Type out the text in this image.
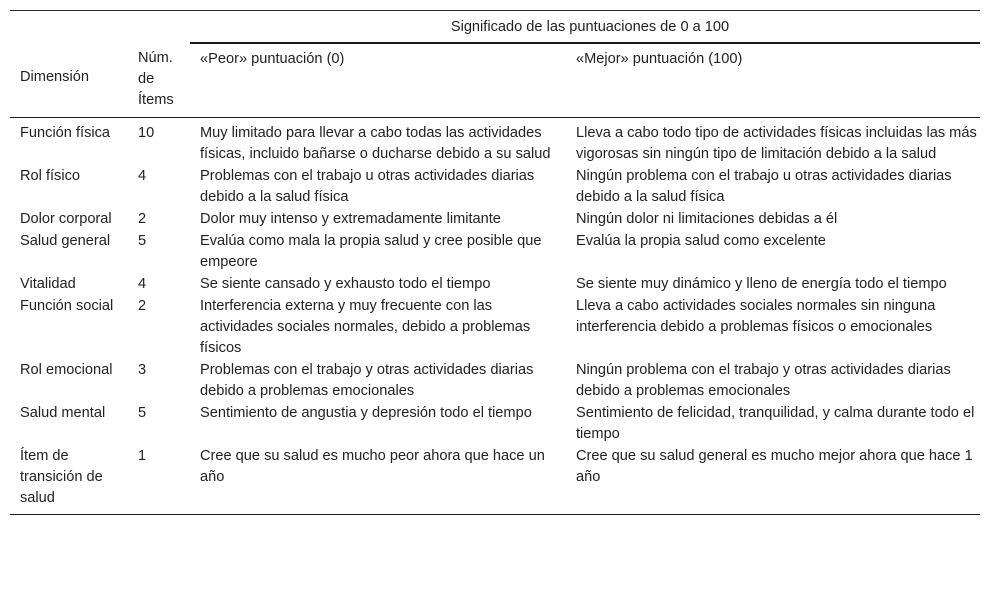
		Significado de las puntuaciones de 0 a 100	
Dimensión	Núm. de Ítems	«Peor» puntuación (0)	«Mejor» puntuación (100)
Función física	10	Muy limitado para llevar a cabo todas las actividades físicas, incluido bañarse o ducharse debido a su salud	Lleva a cabo todo tipo de actividades físicas incluidas las más vigorosas sin ningún tipo de limitación debido a la salud
Rol físico	4	Problemas con el trabajo u otras actividades diarias debido a la salud física	Ningún problema con el trabajo u otras actividades diarias debido a la salud física
Dolor corporal	2	Dolor muy intenso y extremadamente limitante	Ningún dolor ni limitaciones debidas a él
Salud general	5	Evalúa como mala la propia salud y cree posible que empeore	Evalúa la propia salud como excelente
Vitalidad	4	Se siente cansado y exhausto todo el tiempo	Se siente muy dinámico y lleno de energía todo el tiempo
Función social	2	Interferencia externa y muy frecuente con las actividades sociales normales, debido a problemas físicos	Lleva a cabo actividades sociales normales sin ninguna interferencia debido a problemas físicos o emocionales
Rol emocional	3	Problemas con el trabajo y otras actividades diarias debido a problemas emocionales	Ningún problema con el trabajo y otras actividades diarias debido a problemas emocionales
Salud mental	5	Sentimiento de angustia y depresión todo el tiempo	Sentimiento de felicidad, tranquilidad, y calma durante todo el tiempo
Ítem de transición de salud	1	Cree que su salud es mucho peor ahora que hace un año	Cree que su salud general es mucho mejor ahora que hace 1 año
